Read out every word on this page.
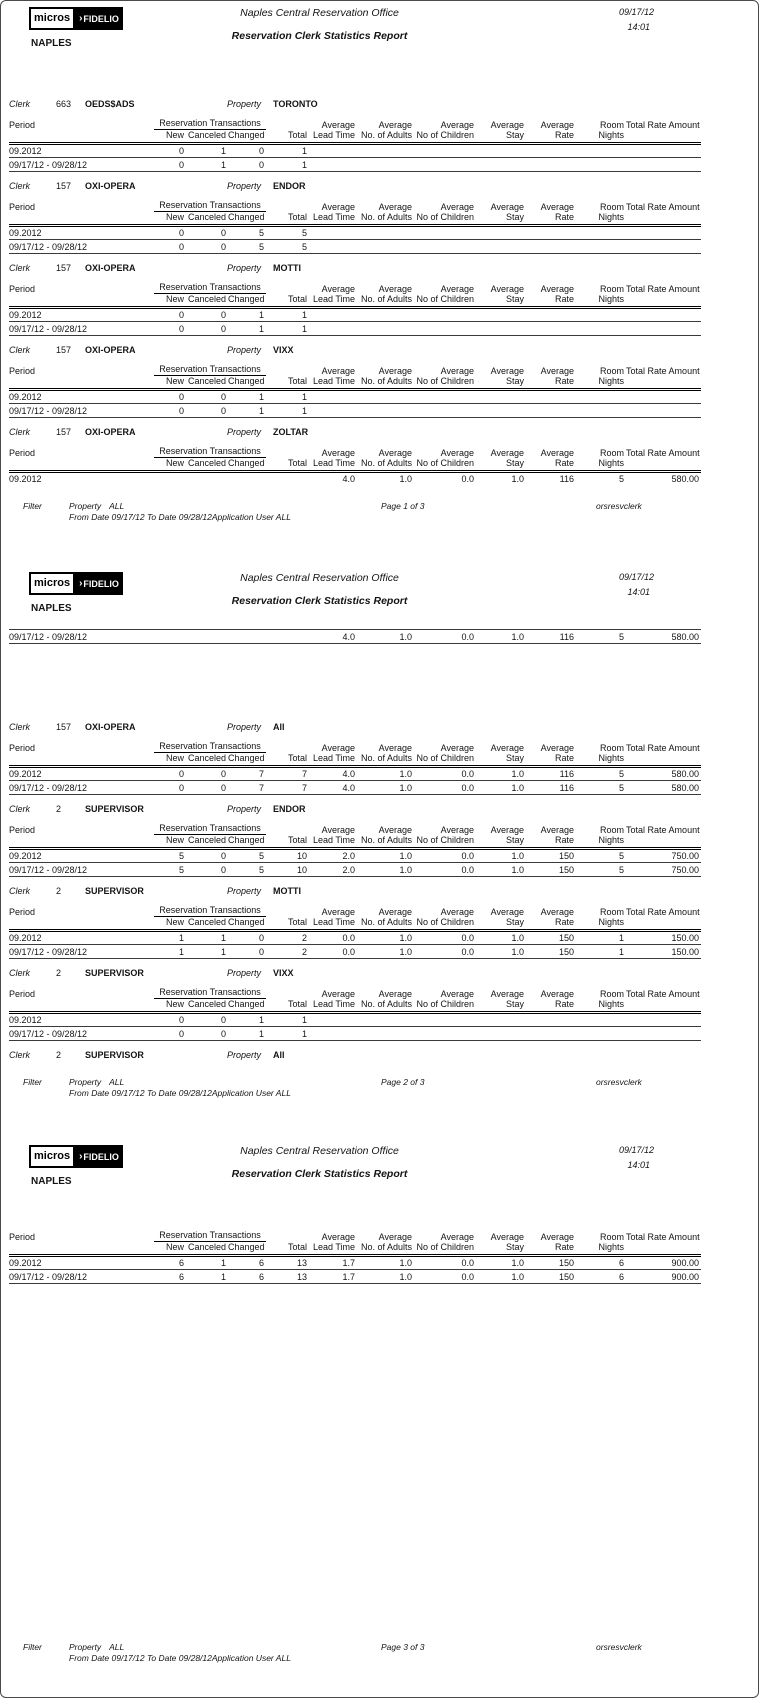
micros › FIDELIO
NAPLES
Naples Central Reservation Office
Reservation Clerk Statistics Report
09/17/12
14:01
Clerk	663 OEDS$ADS	Property TORONTO
Period	Reservation Transactions				Average	Average	Average	Average	Average	Room	Total Rate Amount
	New	Canceled	Changed	Total	Lead Time	No. of Adults	No of Children	Stay	Rate	Nights	
09.2012	0	1	0	1							
09/17/12 - 09/28/12	0	1	0	1							
Clerk	157 OXI-OPERA	Property ENDOR
Period	Reservation Transactions				Average	Average	Average	Average	Average	Room	Total Rate Amount
	New	Canceled	Changed	Total	Lead Time	No. of Adults	No of Children	Stay	Rate	Nights	
09.2012	0	0	5	5							
09/17/12 - 09/28/12	0	0	5	5							
Clerk	157 OXI-OPERA	Property MOTTI
Period	Reservation Transactions				Average	Average	Average	Average	Average	Room	Total Rate Amount
	New	Canceled	Changed	Total	Lead Time	No. of Adults	No of Children	Stay	Rate	Nights	
09.2012	0	0	1	1							
09/17/12 - 09/28/12	0	0	1	1							
Clerk	157 OXI-OPERA	Property VIXX
Period	Reservation Transactions				Average	Average	Average	Average	Average	Room	Total Rate Amount
	New	Canceled	Changed	Total	Lead Time	No. of Adults	No of Children	Stay	Rate	Nights	
09.2012	0	0	1	1							
09/17/12 - 09/28/12	0	0	1	1							
Clerk	157 OXI-OPERA	Property ZOLTAR
Period	Reservation Transactions				Average	Average	Average	Average	Average	Room	Total Rate Amount
	New	Canceled	Changed	Total	Lead Time	No. of Adults	No of Children	Stay	Rate	Nights	
09.2012					4.0	1.0	0.0	1.0	116	5	580.00
Filter	Property ALL	Page 1 of 3	orsresvclerk
From Date 09/17/12 To Date 09/28/12Application User ALL
micros › FIDELIO
NAPLES
Naples Central Reservation Office
Reservation Clerk Statistics Report
09/17/12
14:01
09/17/12 - 09/28/12					4.0	1.0	0.0	1.0	116	5	580.00
Clerk	157 OXI-OPERA	Property All
Period	Reservation Transactions				Average	Average	Average	Average	Average	Room	Total Rate Amount
	New	Canceled	Changed	Total	Lead Time	No. of Adults	No of Children	Stay	Rate	Nights	
09.2012	0	0	7	7	4.0	1.0	0.0	1.0	116	5	580.00
09/17/12 - 09/28/12	0	0	7	7	4.0	1.0	0.0	1.0	116	5	580.00
Clerk	2	SUPERVISOR	Property ENDOR
Period	Reservation Transactions				Average	Average	Average	Average	Average	Room	Total Rate Amount
	New	Canceled	Changed	Total	Lead Time	No. of Adults	No of Children	Stay	Rate	Nights	
09.2012	5	0	5	10	2.0	1.0	0.0	1.0	150	5	750.00
09/17/12 - 09/28/12	5	0	5	10	2.0	1.0	0.0	1.0	150	5	750.00
Clerk	2	SUPERVISOR	Property MOTTI
Period	Reservation Transactions				Average	Average	Average	Average	Average	Room	Total Rate Amount
	New	Canceled	Changed	Total	Lead Time	No. of Adults	No of Children	Stay	Rate	Nights	
09.2012	1	1	0	2	0.0	1.0	0.0	1.0	150	1	150.00
09/17/12 - 09/28/12	1	1	0	2	0.0	1.0	0.0	1.0	150	1	150.00
Clerk	2	SUPERVISOR	Property VIXX
Period	Reservation Transactions				Average	Average	Average	Average	Average	Room	Total Rate Amount
	New	Canceled	Changed	Total	Lead Time	No. of Adults	No of Children	Stay	Rate	Nights	
09.2012	0	0	1	1							
09/17/12 - 09/28/12	0	0	1	1							
Clerk	2	SUPERVISOR	Property All
Filter	Property ALL	Page 2 of 3	orsresvclerk
From Date 09/17/12 To Date 09/28/12Application User ALL
micros › FIDELIO
NAPLES
Naples Central Reservation Office
Reservation Clerk Statistics Report
09/17/12
14:01
Period	Reservation Transactions				Average	Average	Average	Average	Average	Room	Total Rate Amount
	New	Canceled	Changed	Total	Lead Time	No. of Adults	No of Children	Stay	Rate	Nights	
09.2012	6	1	6	13	1.7	1.0	0.0	1.0	150	6	900.00
09/17/12 - 09/28/12	6	1	6	13	1.7	1.0	0.0	1.0	150	6	900.00
Filter	Property ALL	Page 3 of 3	orsresvclerk
From Date 09/17/12 To Date 09/28/12Application User ALL
